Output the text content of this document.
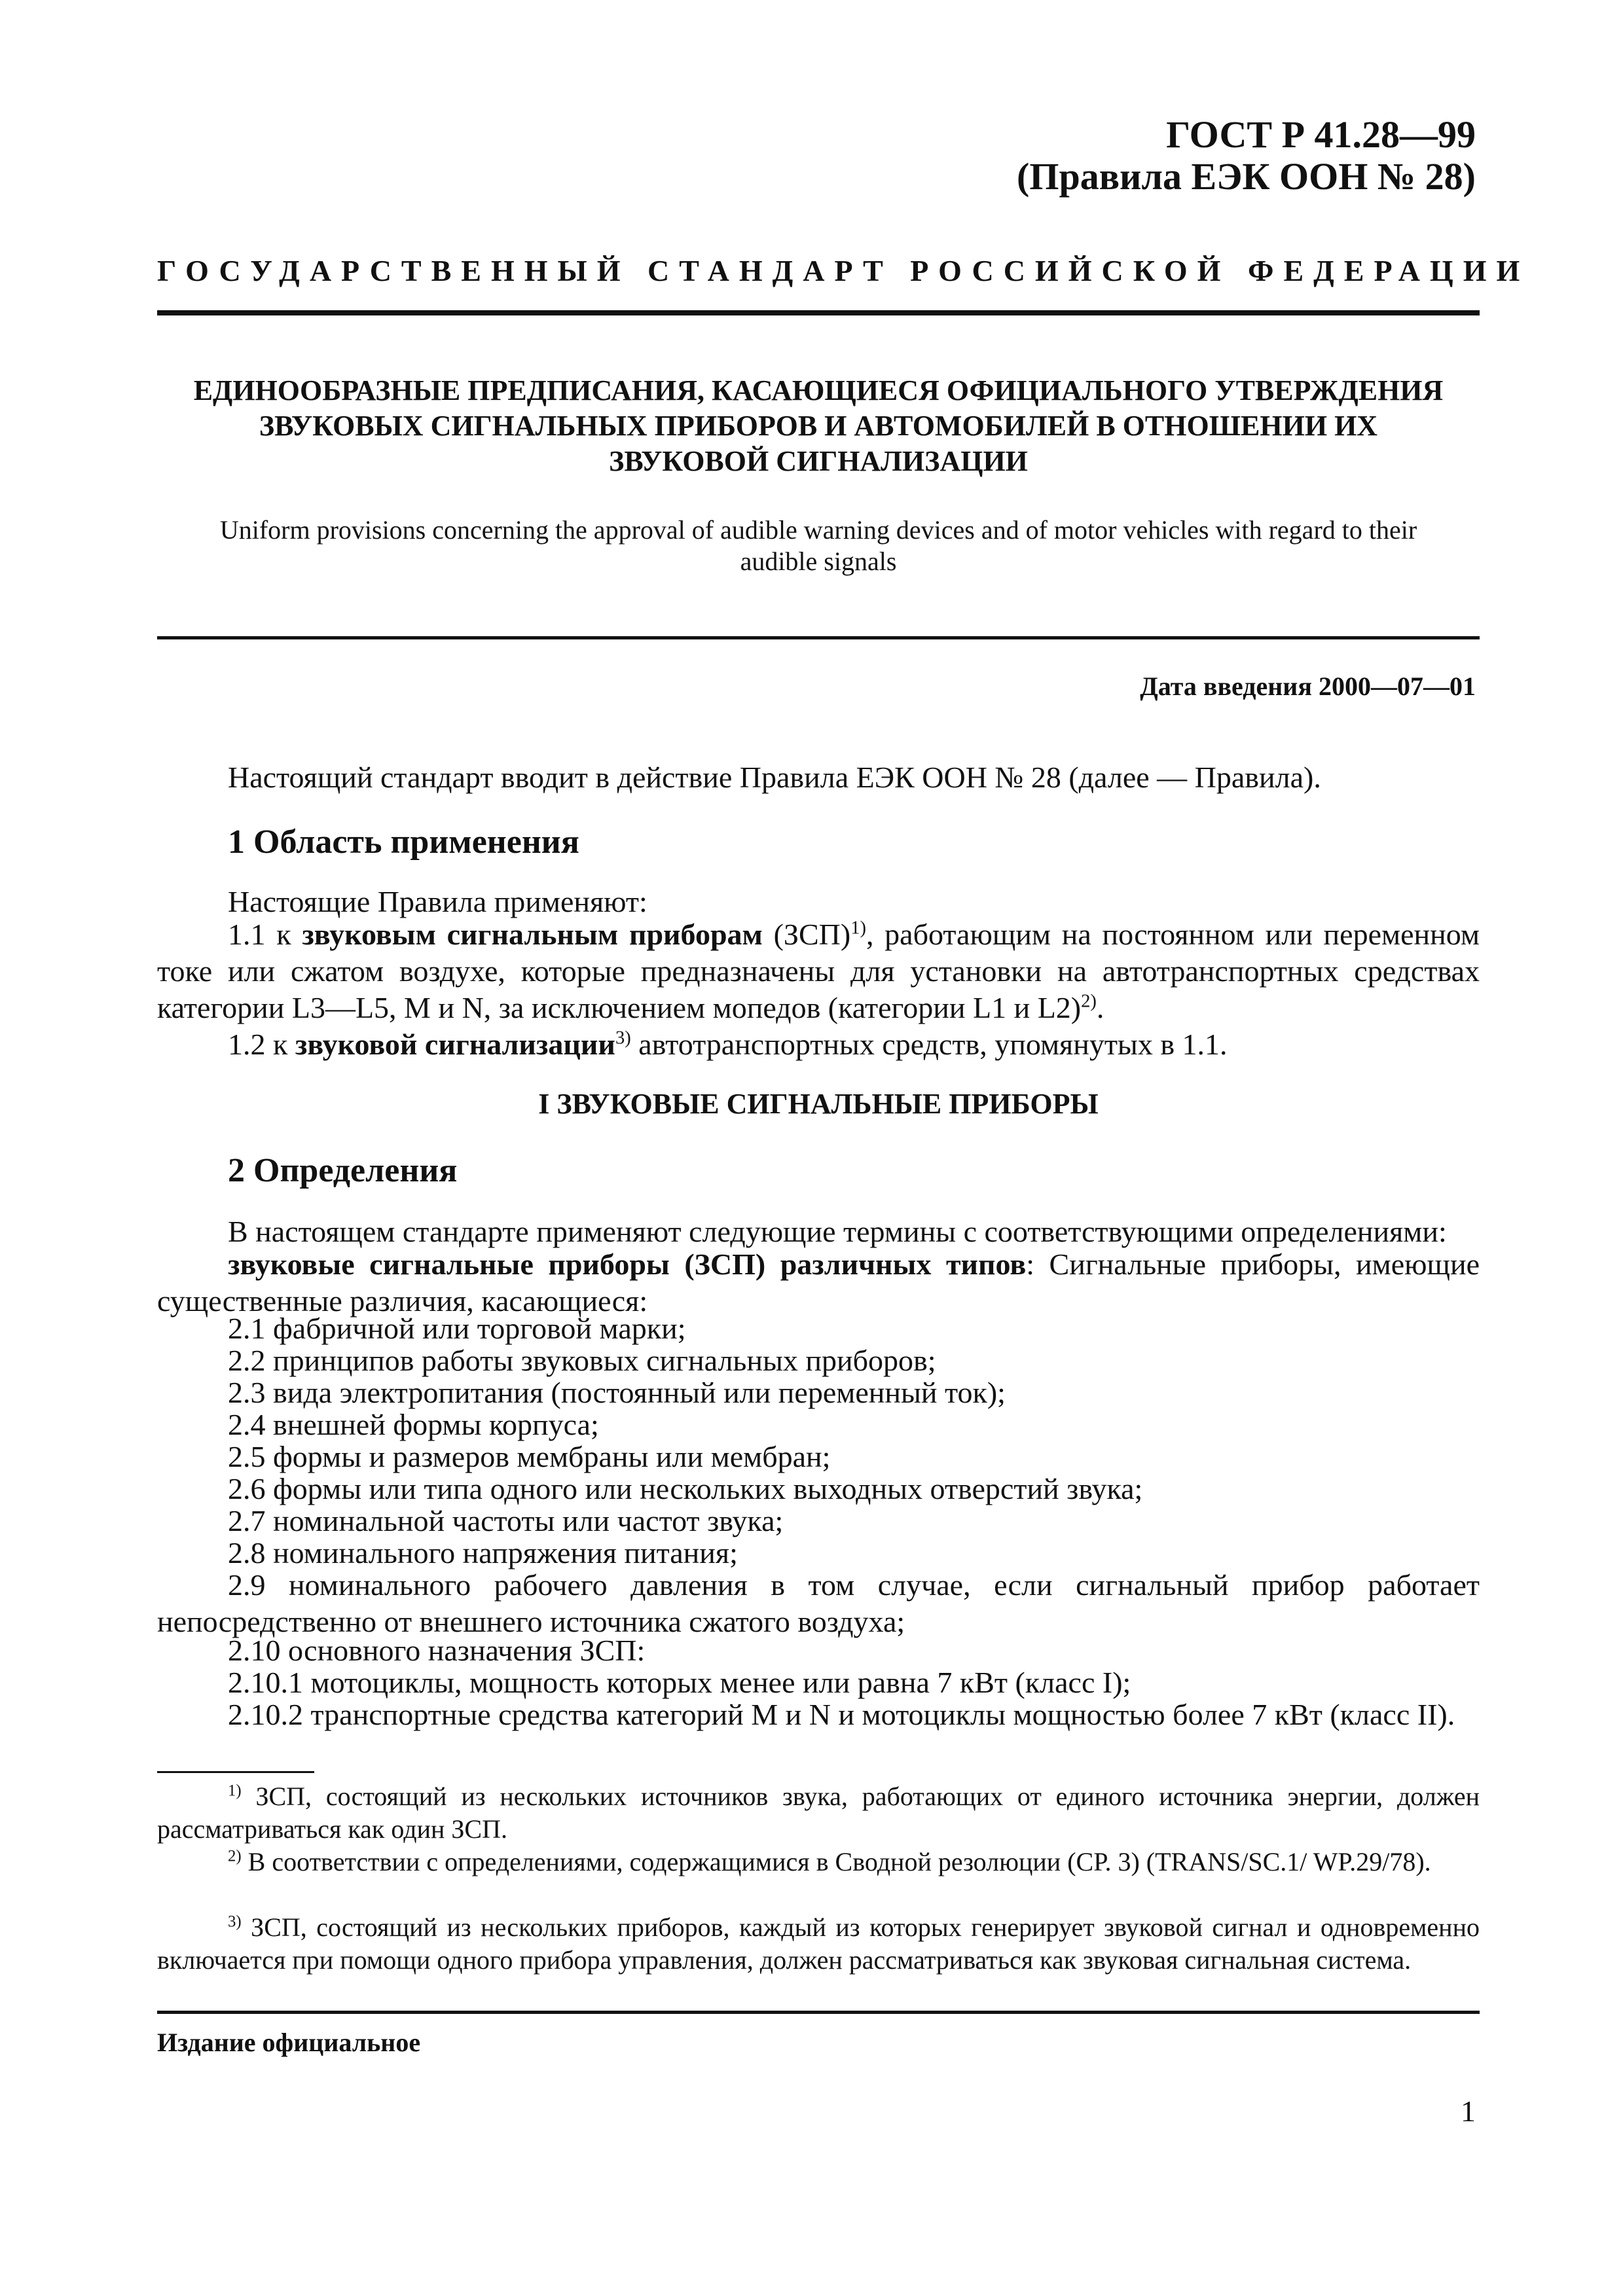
ГОСТ Р 41.28—99
(Правила ЕЭК ООН № 28)
ГОСУДАРСТВЕННЫЙ СТАНДАРТ РОССИЙСКОЙ ФЕДЕРАЦИИ
ЕДИНООБРАЗНЫЕ ПРЕДПИСАНИЯ, КАСАЮЩИЕСЯ ОФИЦИАЛЬНОГО УТВЕРЖДЕНИЯ
ЗВУКОВЫХ СИГНАЛЬНЫХ ПРИБОРОВ И АВТОМОБИЛЕЙ В ОТНОШЕНИИ ИХ
ЗВУКОВОЙ СИГНАЛИЗАЦИИ
Uniform provisions concerning the approval of audible warning devices and of motor vehicles with regard to their
audible signals
Дата введения 2000—07—01
Настоящий стандарт вводит в действие Правила ЕЭК ООН № 28 (далее — Правила).
1 Область применения
Настоящие Правила применяют:

1.1 к звуковым сигнальным приборам (ЗСП)$^{1)}$, работающим на постоянном или переменном токе или сжатом воздухе, которые предназначены для установки на автотранспортных средствах категории L3—L5, M и N, за исключением мопедов (категории L1 и L2)$^{2)}$.

1.2 к звуковой сигнализации$^{3)}$ автотранспортных средств, упомянутых в 1.1.
I ЗВУКОВЫЕ СИГНАЛЬНЫЕ ПРИБОРЫ
2 Определения
В настоящем стандарте применяют следующие термины с соответствующими определениями:

звуковые сигнальные приборы (ЗСП) различных типов: Сигнальные приборы, имеющие существенные различия, касающиеся:

2.1 фабричной или торговой марки;
2.2 принципов работы звуковых сигнальных приборов;
2.3 вида электропитания (постоянный или переменный ток);
2.4 внешней формы корпуса;
2.5 формы и размеров мембраны или мембран;
2.6 формы или типа одного или нескольких выходных отверстий звука;
2.7 номинальной частоты или частот звука;
2.8 номинального напряжения питания;

2.9 номинального рабочего давления в том случае, если сигнальный прибор работает непосредственно от внешнего источника сжатого воздуха;

2.10 основного назначения ЗСП:
2.10.1 мотоциклы, мощность которых менее или равна 7 кВт (класс I);
2.10.2 транспортные средства категорий M и N и мотоциклы мощностью более 7 кВт (класс II).

$^{1)}$ ЗСП, состоящий из нескольких источников звука, работающих от единого источника энергии, должен рассматриваться как один ЗСП.

$^{2)}$ В соответствии с определениями, содержащимися в Сводной резолюции (СР. 3) (TRANS/SC.1/ WP.29/78).

$^{3)}$ ЗСП, состоящий из нескольких приборов, каждый из которых генерирует звуковой сигнал и одновременно включается при помощи одного прибора управления, должен рассматриваться как звуковая сигнальная система.

Издание официальное
1
